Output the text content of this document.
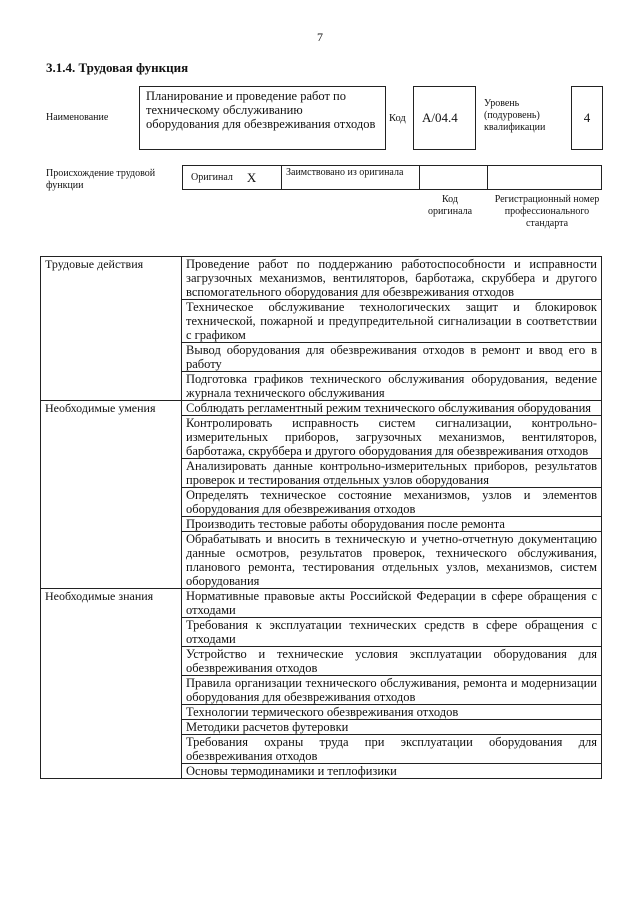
7
3.1.4. Трудовая функция
Наименование
Планирование и проведение работ по техническому обслуживанию оборудования для обезвреживания отходов	Код	A/04.4
Уровень (подуровень) квалификации
4
Происхождение трудовой функции
Оригинал X	Заимствовано из оригинала
Код оригинала
Регистрационный номер профессионального стандарта
Трудовые действия	Проведение работ по поддержанию работоспособности и исправности загрузочных механизмов, вентиляторов, барботажа, скруббера и другого вспомогательного оборудования для обезвреживания отходов
	Техническое обслуживание технологических защит и блокировок технической, пожарной и предупредительной сигнализации в соответствии с графиком
	Вывод оборудования для обезвреживания отходов в ремонт и ввод его в работу
	Подготовка графиков технического обслуживания оборудования, ведение журнала технического обслуживания
Необходимые умения	Соблюдать регламентный режим технического обслуживания оборудования
	Контролировать исправность систем сигнализации, контрольно-измерительных приборов, загрузочных механизмов, вентиляторов, барботажа, скруббера и другого оборудования для обезвреживания отходов
	Анализировать данные контрольно-измерительных приборов, результатов проверок и тестирования отдельных узлов оборудования
	Определять техническое состояние механизмов, узлов и элементов оборудования для обезвреживания отходов
	Производить тестовые работы оборудования после ремонта
	Обрабатывать и вносить в техническую и учетно-отчетную документацию данные осмотров, результатов проверок, технического обслуживания, планового ремонта, тестирования отдельных узлов, механизмов, систем оборудования
Необходимые знания	Нормативные правовые акты Российской Федерации в сфере обращения с отходами
	Требования к эксплуатации технических средств в сфере обращения с отходами
	Устройство и технические условия эксплуатации оборудования для обезвреживания отходов
	Правила организации технического обслуживания, ремонта и модернизации оборудования для обезвреживания отходов
	Технологии термического обезвреживания отходов
	Методики расчетов футеровки
	Требования охраны труда при эксплуатации оборудования для обезвреживания отходов
	Основы термодинамики и теплофизики
